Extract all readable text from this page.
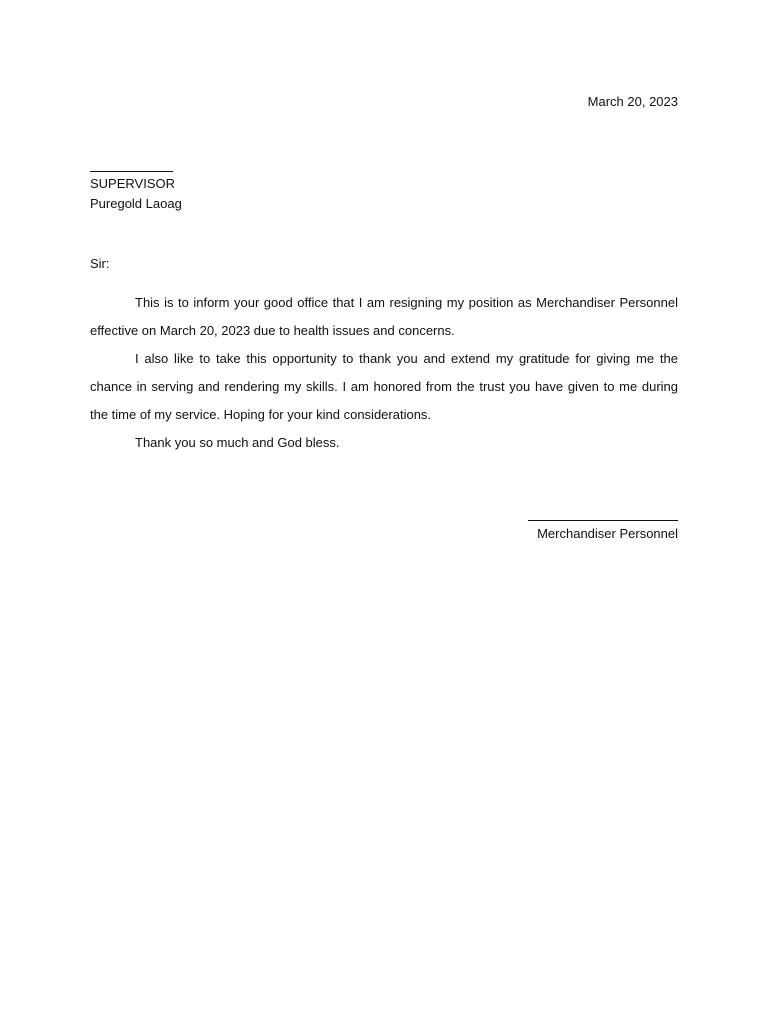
March 20, 2023
SUPERVISOR
Puregold Laoag
Sir:

This is to inform your good office that I am resigning my position as Merchandiser Personnel effective on March 20, 2023 due to health issues and concerns.

I also like to take this opportunity to thank you and extend my gratitude for giving me the chance in serving and rendering my skills. I am honored from the trust you have given to me during the time of my service. Hoping for your kind considerations.

Thank you so much and God bless.

Merchandiser Personnel
